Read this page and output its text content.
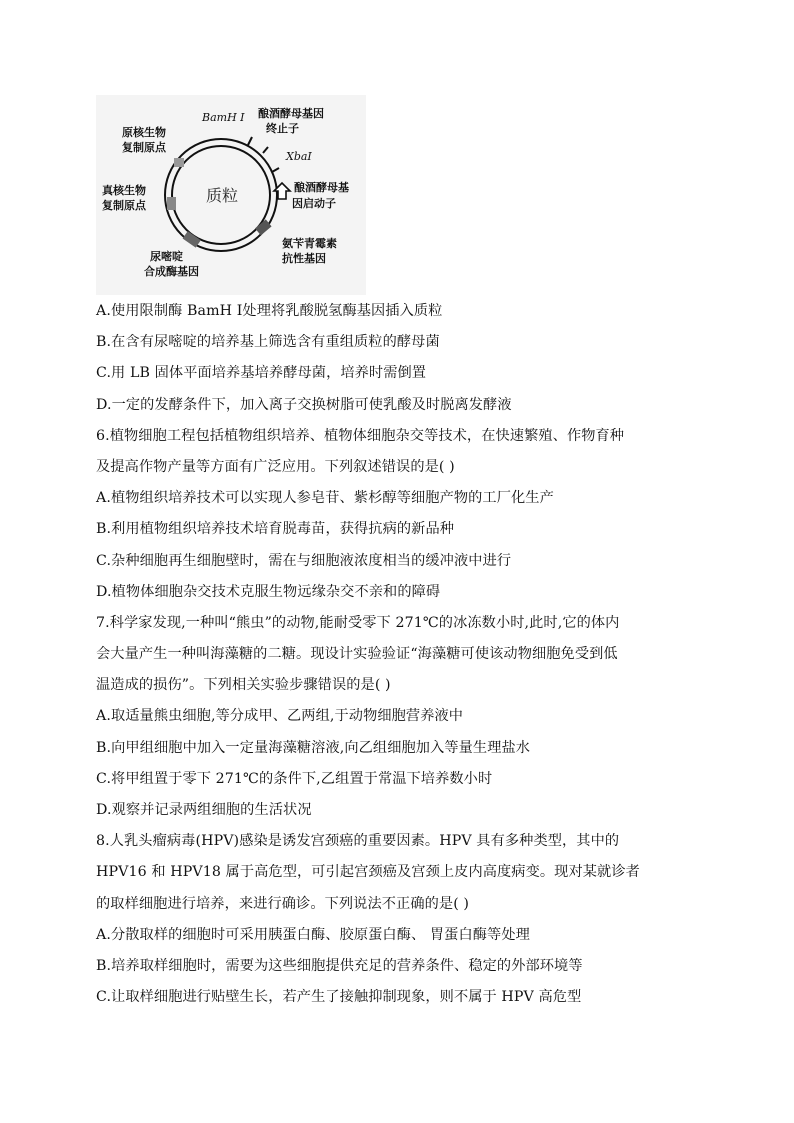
质粒
BamH Ⅰ 酿酒酵母基因
终止子
XbaⅠ
酿酒酵母基
因启动子
氨苄青霉素
抗性基因
尿嘧啶
合成酶基因
真核生物
复制原点
原核生物
复制原点
A.使用限制酶 BamH Ⅰ处理将乳酸脱氢酶基因插入质粒
B.在含有尿嘧啶的培养基上筛选含有重组质粒的酵母菌
C.用 LB 固体平面培养基培养酵母菌，培养时需倒置
D.一定的发酵条件下，加入离子交换树脂可使乳酸及时脱离发酵液
6.植物细胞工程包括植物组织培养、植物体细胞杂交等技术，在快速繁殖、作物育种
及提高作物产量等方面有广泛应用。下列叙述错误的是( )
A.植物组织培养技术可以实现人参皂苷、紫杉醇等细胞产物的工厂化生产
B.利用植物组织培养技术培育脱毒苗，获得抗病的新品种
C.杂种细胞再生细胞壁时，需在与细胞液浓度相当的缓冲液中进行
D.植物体细胞杂交技术克服生物远缘杂交不亲和的障碍
7.科学家发现,一种叫“熊虫”的动物,能耐受零下 271℃的冰冻数小时,此时,它的体内
会大量产生一种叫海藻糖的二糖。现设计实验验证“海藻糖可使该动物细胞免受到低
温造成的损伤”。下列相关实验步骤错误的是( )
A.取适量熊虫细胞,等分成甲、乙两组,于动物细胞营养液中
B.向甲组细胞中加入一定量海藻糖溶液,向乙组细胞加入等量生理盐水
C.将甲组置于零下 271℃的条件下,乙组置于常温下培养数小时
D.观察并记录两组细胞的生活状况
8.人乳头瘤病毒(HPV)感染是诱发宫颈癌的重要因素。HPV 具有多种类型，其中的
HPV16 和 HPV18 属于高危型，可引起宫颈癌及宫颈上皮内高度病变。现对某就诊者
的取样细胞进行培养，来进行确诊。下列说法不正确的是( )
A.分散取样的细胞时可采用胰蛋白酶、胶原蛋白酶、 胃蛋白酶等处理
B.培养取样细胞时，需要为这些细胞提供充足的营养条件、稳定的外部环境等
C.让取样细胞进行贴壁生长，若产生了接触抑制现象，则不属于 HPV 高危型
